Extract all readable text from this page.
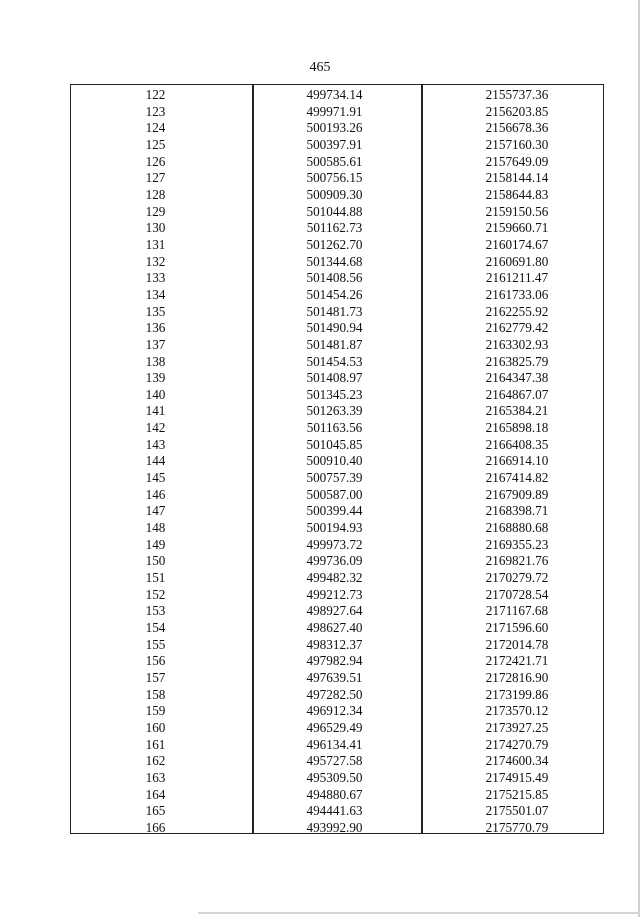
465
122	499734.14	2155737.36
123	499971.91	2156203.85
124	500193.26	2156678.36
125	500397.91	2157160.30
126	500585.61	2157649.09
127	500756.15	2158144.14
128	500909.30	2158644.83
129	501044.88	2159150.56
130	501162.73	2159660.71
131	501262.70	2160174.67
132	501344.68	2160691.80
133	501408.56	2161211.47
134	501454.26	2161733.06
135	501481.73	2162255.92
136	501490.94	2162779.42
137	501481.87	2163302.93
138	501454.53	2163825.79
139	501408.97	2164347.38
140	501345.23	2164867.07
141	501263.39	2165384.21
142	501163.56	2165898.18
143	501045.85	2166408.35
144	500910.40	2166914.10
145	500757.39	2167414.82
146	500587.00	2167909.89
147	500399.44	2168398.71
148	500194.93	2168880.68
149	499973.72	2169355.23
150	499736.09	2169821.76
151	499482.32	2170279.72
152	499212.73	2170728.54
153	498927.64	2171167.68
154	498627.40	2171596.60
155	498312.37	2172014.78
156	497982.94	2172421.71
157	497639.51	2172816.90
158	497282.50	2173199.86
159	496912.34	2173570.12
160	496529.49	2173927.25
161	496134.41	2174270.79
162	495727.58	2174600.34
163	495309.50	2174915.49
164	494880.67	2175215.85
165	494441.63	2175501.07
166	493992.90	2175770.79
